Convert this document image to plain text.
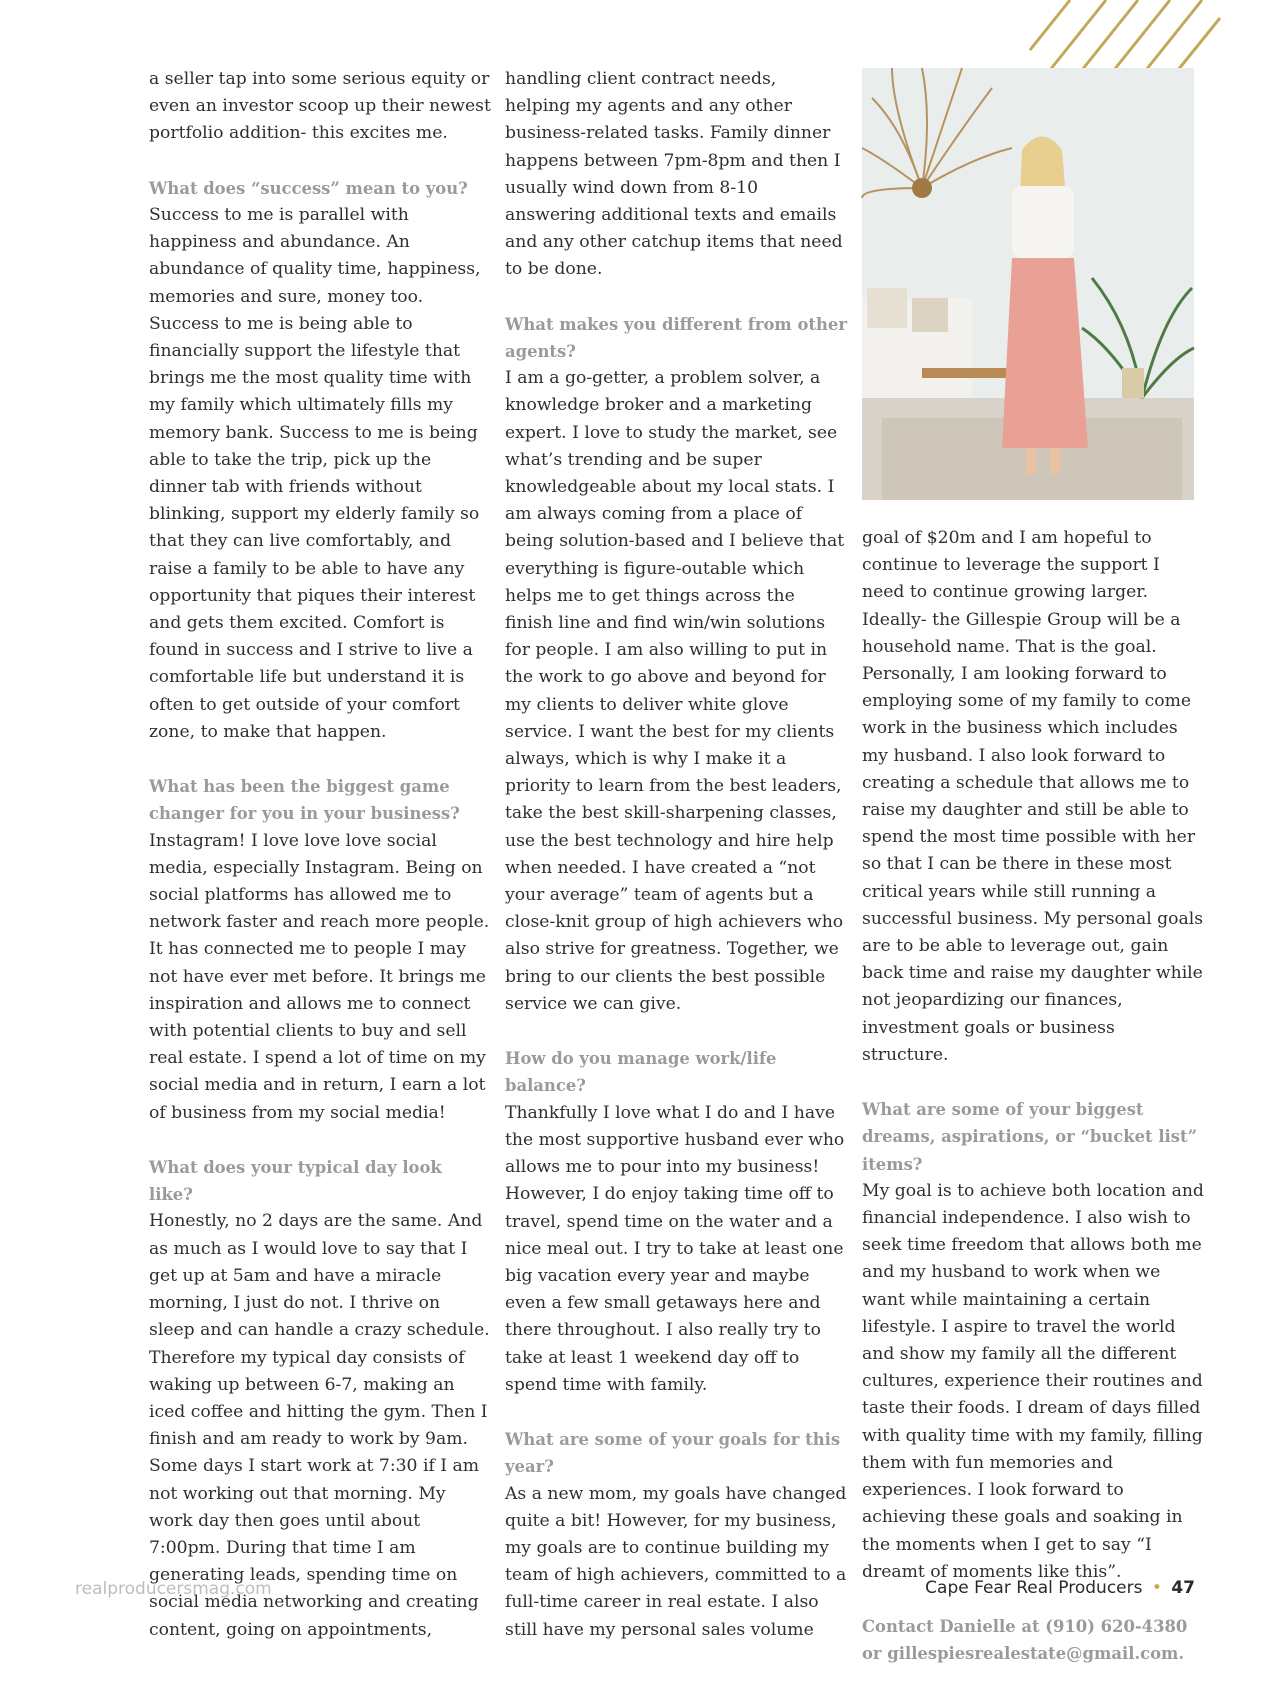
a seller tap into some serious equity or even an investor scoop up their newest portfolio addition- this excites me.
What does “success” mean to you?
Success to me is parallel with happiness and abundance. An abundance of quality time, happiness, memories and sure, money too. Success to me is being able to financially support the lifestyle that brings me the most quality time with my family which ultimately fills my memory bank. Success to me is being able to take the trip, pick up the dinner tab with friends without blinking, support my elderly family so that they can live comfortably, and raise a family to be able to have any opportunity that piques their interest and gets them excited. Comfort is found in success and I strive to live a comfortable life but understand it is often to get outside of your comfort zone, to make that happen.
What has been the biggest game changer for you in your business?
Instagram! I love love love social media, especially Instagram. Being on social platforms has allowed me to network faster and reach more people. It has connected me to people I may not have ever met before. It brings me inspiration and allows me to connect with potential clients to buy and sell real estate. I spend a lot of time on my social media and in return, I earn a lot of business from my social media!
What does your typical day look like?
Honestly, no 2 days are the same. And as much as I would love to say that I get up at 5am and have a miracle morning, I just do not. I thrive on sleep and can handle a crazy schedule. Therefore my typical day consists of waking up between 6-7, making an iced coffee and hitting the gym. Then I finish and am ready to work by 9am. Some days I start work at 7:30 if I am not working out that morning. My work day then goes until about 7:00pm. During that time I am generating leads, spending time on social media networking and creating content, going on appointments,
handling client contract needs, helping my agents and any other business-related tasks. Family dinner happens between 7pm-8pm and then I usually wind down from 8-10 answering additional texts and emails and any other catchup items that need to be done.
What makes you different from other agents?
I am a go-getter, a problem solver, a knowledge broker and a marketing expert. I love to study the market, see what’s trending and be super knowledgeable about my local stats. I am always coming from a place of being solution-based and I believe that everything is figure-outable which helps me to get things across the finish line and find win/win solutions for people. I am also willing to put in the work to go above and beyond for my clients to deliver white glove service. I want the best for my clients always, which is why I make it a priority to learn from the best leaders, take the best skill-sharpening classes, use the best technology and hire help when needed. I have created a “not your average” team of agents but a close-knit group of high achievers who also strive for greatness. Together, we bring to our clients the best possible service we can give.
How do you manage work/life balance?
Thankfully I love what I do and I have the most supportive husband ever who allows me to pour into my business! However, I do enjoy taking time off to travel, spend time on the water and a nice meal out. I try to take at least one big vacation every year and maybe even a few small getaways here and there throughout. I also really try to take at least 1 weekend day off to spend time with family.
What are some of your goals for this year?
As a new mom, my goals have changed quite a bit! However, for my business, my goals are to continue building my team of high achievers, committed to a full-time career in real estate. I also still have my personal sales volume
goal of $20m and I am hopeful to continue to leverage the support I need to continue growing larger. Ideally- the Gillespie Group will be a household name. That is the goal. Personally, I am looking forward to employing some of my family to come work in the business which includes my husband. I also look forward to creating a schedule that allows me to raise my daughter and still be able to spend the most time possible with her so that I can be there in these most critical years while still running a successful business. My personal goals are to be able to leverage out, gain back time and raise my daughter while not jeopardizing our finances, investment goals or business structure.
What are some of your biggest dreams, aspirations, or “bucket list” items?
My goal is to achieve both location and financial independence. I also wish to seek time freedom that allows both me and my husband to work when we want while maintaining a certain lifestyle. I aspire to travel the world and show my family all the different cultures, experience their routines and taste their foods. I dream of days filled with quality time with my family, filling them with fun memories and experiences. I look forward to achieving these goals and soaking in the moments when I get to say “I dreamt of moments like this”.
Contact Danielle at (910) 620-4380 or gillespiesrealestate@gmail.com.
realproducersmag.com	Cape Fear Real Producers • 47
